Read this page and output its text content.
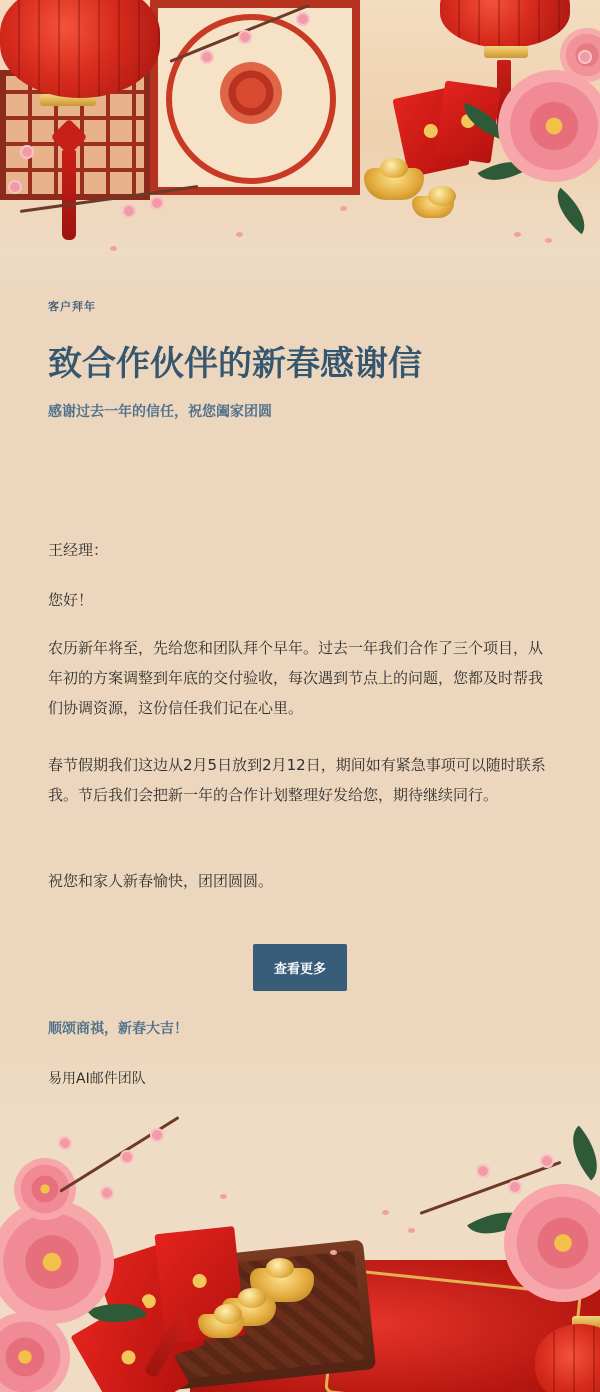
客户拜年
致合作伙伴的新春感谢信
感谢过去一年的信任，祝您阖家团圆
王经理：
您好！
农历新年将至，先给您和团队拜个早年。过去一年我们合作了三个项目，从年初的方案调整到年底的交付验收，每次遇到节点上的问题，您都及时帮我们协调资源，这份信任我们记在心里。
春节假期我们这边从2月5日放到2月12日，期间如有紧急事项可以随时联系我。节后我们会把新一年的合作计划整理好发给您，期待继续同行。
祝您和家人新春愉快，团团圆圆。
查看更多
顺颂商祺，新春大吉！
易用AI邮件团队
